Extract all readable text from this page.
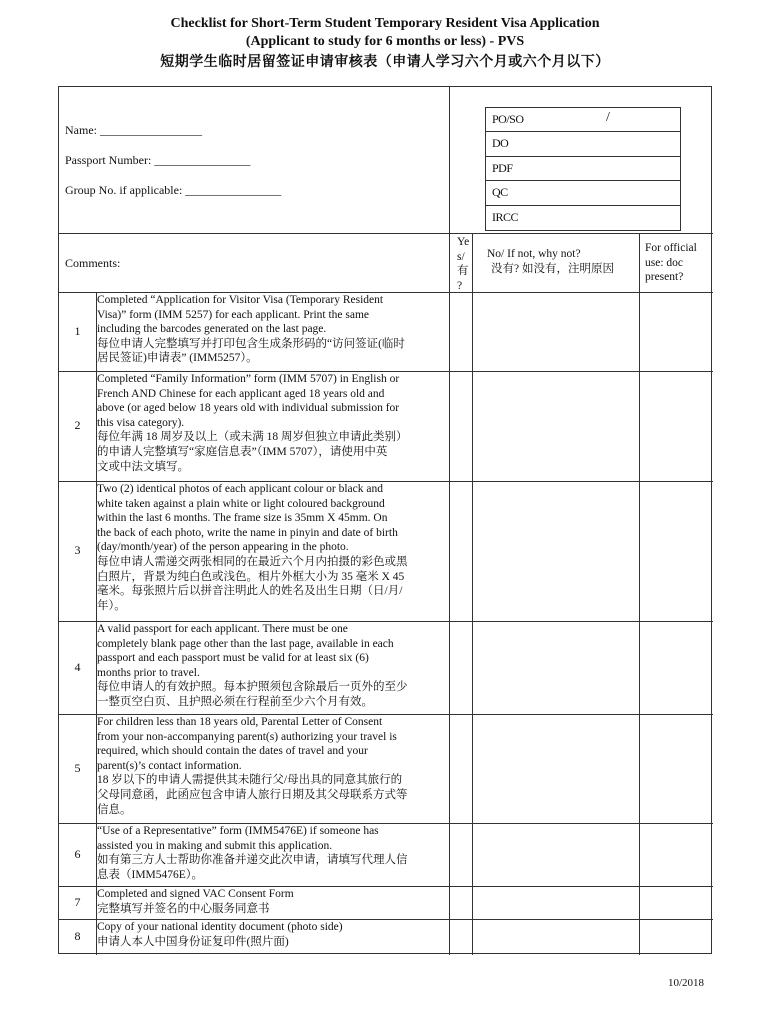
Checklist for Short-Term Student Temporary Resident Visa Application
(Applicant to study for 6 months or less) - PVS
短期学生临时居留签证申请审核表（申请人学习六个月或六个月以下）
Name: _________________
Passport Number: ________________
Group No. if applicable: ________________
PO/SO	/
DO
PDF
QC
IRCC
Comments:
Ye
s/
有
?
No/ If not, why not?
没有? 如没有，注明原因
For official
use: doc
present?
1
Completed “Application for Visitor Visa (Temporary Resident
Visa)” form (IMM 5257) for each applicant. Print the same
including the barcodes generated on the last page.
每位申请人完整填写并打印包含生成条形码的“访问签证(临时
居民签证)申请表” (IMM5257）。
2
Completed “Family Information” form (IMM 5707) in English or
French AND Chinese for each applicant aged 18 years old and
above (or aged below 18 years old with individual submission for
this visa category).
每位年满 18 周岁及以上（或未满 18 周岁但独立申请此类别）
的申请人完整填写“家庭信息表”（IMM 5707），请使用中英
文或中法文填写。
3
Two (2) identical photos of each applicant colour or black and
white taken against a plain white or light coloured background
within the last 6 months. The frame size is 35mm X 45mm. On
the back of each photo, write the name in pinyin and date of birth
(day/month/year) of the person appearing in the photo.
每位申请人需递交两张相同的在最近六个月内拍摄的彩色或黑
白照片，背景为纯白色或浅色。相片外框大小为 35 毫米 X 45
毫米。每张照片后以拼音注明此人的姓名及出生日期（日/月/
年）。
4
A valid passport for each applicant. There must be one
completely blank page other than the last page, available in each
passport and each passport must be valid for at least six (6)
months prior to travel.
每位申请人的有效护照。每本护照须包含除最后一页外的至少
一整页空白页、且护照必须在行程前至少六个月有效。
5
For children less than 18 years old, Parental Letter of Consent
from your non-accompanying parent(s) authorizing your travel is
required, which should contain the dates of travel and your
parent(s)’s contact information.
18 岁以下的申请人需提供其未随行父/母出具的同意其旅行的
父母同意函，此函应包含申请人旅行日期及其父母联系方式等
信息。
6
“Use of a Representative” form (IMM5476E) if someone has
assisted you in making and submit this application.
如有第三方人士帮助你准备并递交此次申请，请填写代理人信
息表（IMM5476E）。
7
Completed and signed VAC Consent Form
完整填写并签名的中心服务同意书
8
Copy of your national identity document (photo side)
申请人本人中国身份证复印件(照片面)
10/2018
